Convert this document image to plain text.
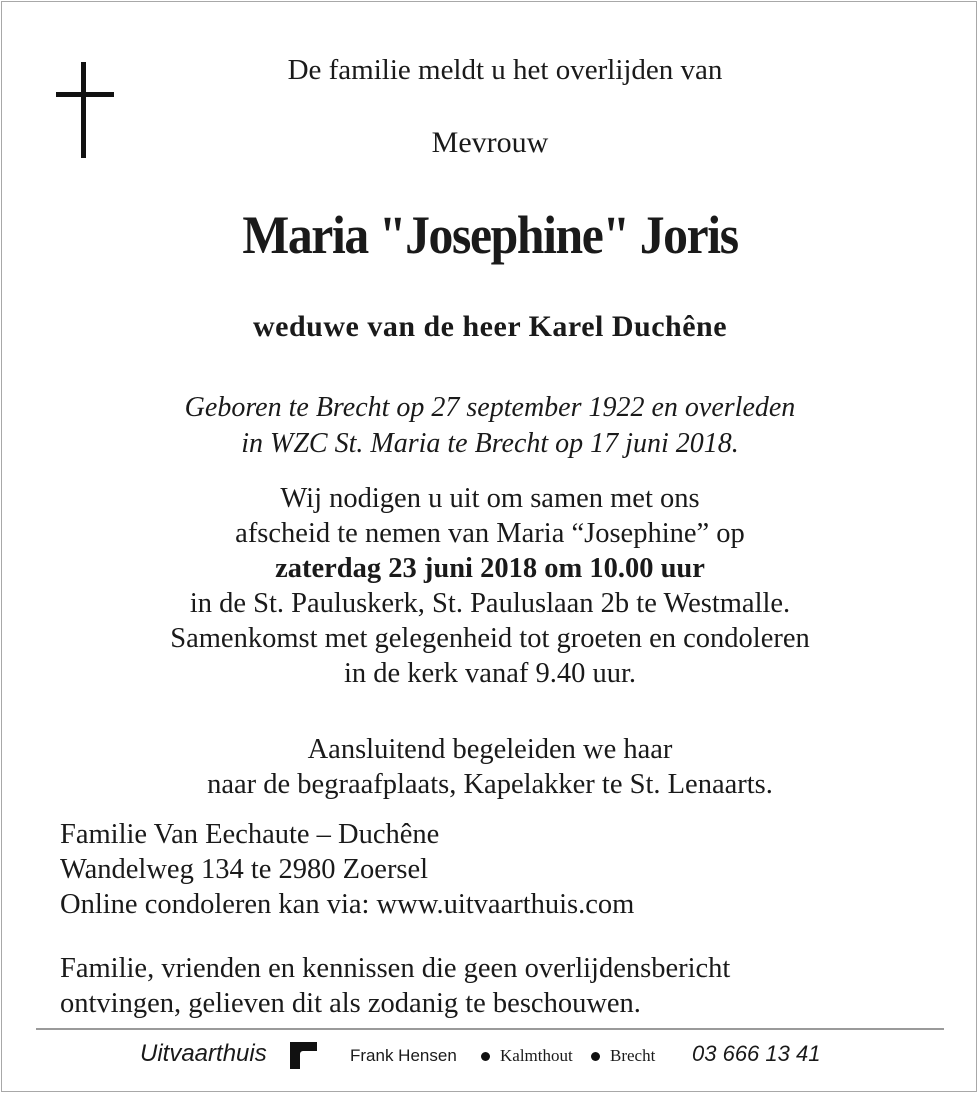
De familie meldt u het overlijden van
Mevrouw
Maria "Josephine" Joris
weduwe van de heer Karel Duchêne
Geboren te Brecht op 27 september 1922 en overleden
in WZC St. Maria te Brecht op 17 juni 2018.
Wij nodigen u uit om samen met ons
afscheid te nemen van Maria “Josephine” op
zaterdag 23 juni 2018 om 10.00 uur
in de St. Pauluskerk, St. Pauluslaan 2b te Westmalle.
Samenkomst met gelegenheid tot groeten en condoleren
in de kerk vanaf 9.40 uur.
Aansluitend begeleiden we haar
naar de begraafplaats, Kapelakker te St. Lenaarts.
Familie Van Eechaute – Duchêne
Wandelweg 134 te 2980 Zoersel
Online condoleren kan via: www.uitvaarthuis.com
Familie, vrienden en kennissen die geen overlijdensbericht
ontvingen, gelieven dit als zodanig te beschouwen.
Uitvaarthuis	Frank Hensen	Kalmthout Brecht 03 666 13 41
